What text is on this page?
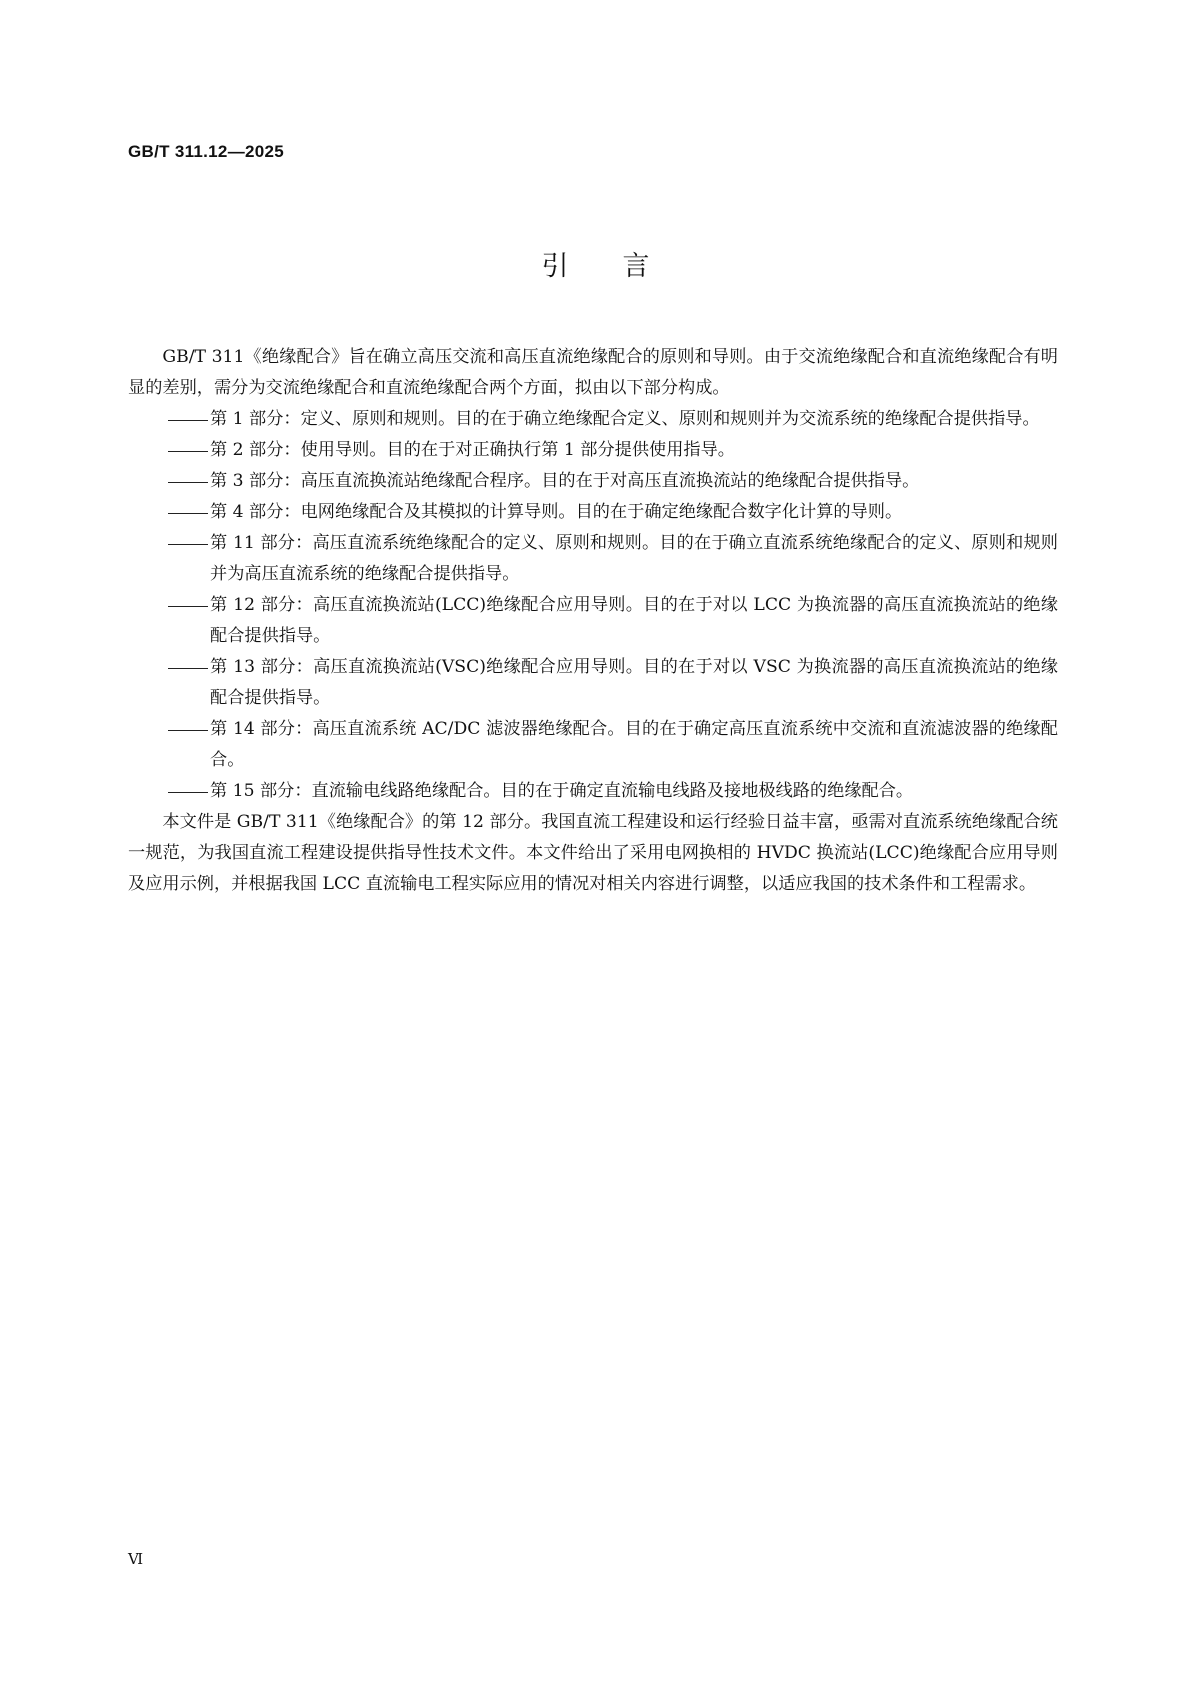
GB/T 311.12—2025
引言

GB/T 311《绝缘配合》旨在确立高压交流和高压直流绝缘配合的原则和导则。由于交流绝缘配合和直流绝缘配合有明显的差别，需分为交流绝缘配合和直流绝缘配合两个方面，拟由以下部分构成。

第 1 部分：定义、原则和规则。目的在于确立绝缘配合定义、原则和规则并为交流系统的绝缘配合提供指导。
第 2 部分：使用导则。目的在于对正确执行第 1 部分提供使用指导。
第 3 部分：高压直流换流站绝缘配合程序。目的在于对高压直流换流站的绝缘配合提供指导。
第 4 部分：电网绝缘配合及其模拟的计算导则。目的在于确定绝缘配合数字化计算的导则。
第 11 部分：高压直流系统绝缘配合的定义、原则和规则。目的在于确立直流系统绝缘配合的定义、原则和规则并为高压直流系统的绝缘配合提供指导。
第 12 部分：高压直流换流站(LCC)绝缘配合应用导则。目的在于对以 LCC 为换流器的高压直流换流站的绝缘配合提供指导。
第 13 部分：高压直流换流站(VSC)绝缘配合应用导则。目的在于对以 VSC 为换流器的高压直流换流站的绝缘配合提供指导。
第 14 部分：高压直流系统 AC/DC 滤波器绝缘配合。目的在于确定高压直流系统中交流和直流滤波器的绝缘配合。
第 15 部分：直流输电线路绝缘配合。目的在于确定直流输电线路及接地极线路的绝缘配合。

本文件是 GB/T 311《绝缘配合》的第 12 部分。我国直流工程建设和运行经验日益丰富，亟需对直流系统绝缘配合统一规范，为我国直流工程建设提供指导性技术文件。本文件给出了采用电网换相的 HVDC 换流站(LCC)绝缘配合应用导则及应用示例，并根据我国 LCC 直流输电工程实际应用的情况对相关内容进行调整，以适应我国的技术条件和工程需求。

Ⅵ
